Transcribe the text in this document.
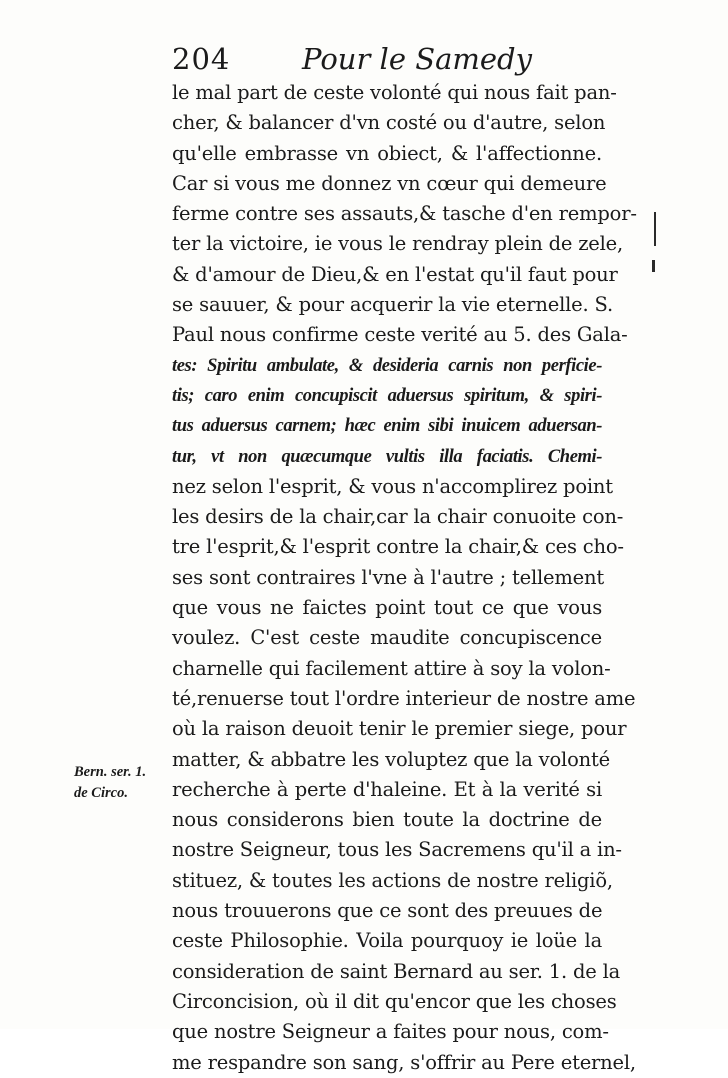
204 Pour le Samedy
le mal part de ceste volonté qui nous fait pan-
cher, & balancer d'vn costé ou d'autre, selon
qu'elle embrasse vn obiect, & l'affectionne.
Car si vous me donnez vn cœur qui demeure
ferme contre ses assauts,& tasche d'en rempor-
ter la victoire, ie vous le rendray plein de zele,
& d'amour de Dieu,& en l'estat qu'il faut pour
se sauuer, & pour acquerir la vie eternelle. S.
Paul nous confirme ceste verité au 5. des Gala-
tes: Spiritu ambulate, & desideria carnis non perficie-
tis; caro enim concupiscit aduersus spiritum, & spiri-
tus aduersus carnem; hæc enim sibi inuicem aduersan-
tur, vt non quæcumque vultis illa faciatis. Chemi-
nez selon l'esprit, & vous n'accomplirez point
les desirs de la chair,car la chair conuoite con-
tre l'esprit,& l'esprit contre la chair,& ces cho-
ses sont contraires l'vne à l'autre ; tellement
que vous ne faictes point tout ce que vous
voulez. C'est ceste maudite concupiscence
charnelle qui facilement attire à soy la volon-
té,renuerse tout l'ordre interieur de nostre ame
où la raison deuoit tenir le premier siege, pour
matter, & abbatre les voluptez que la volonté
recherche à perte d'haleine. Et à la verité si
nous considerons bien toute la doctrine de
nostre Seigneur, tous les Sacremens qu'il a in-
stituez, & toutes les actions de nostre religiõ,
nous trouuerons que ce sont des preuues de
ceste Philosophie. Voila pourquoy ie loüe la
consideration de saint Bernard au ser. 1. de la
Circoncision, où il dit qu'encor que les choses
que nostre Seigneur a faites pour nous, com-
me respandre son sang, s'offrir au Pere eternel,
Bern. ser. 1.
de Circo.
